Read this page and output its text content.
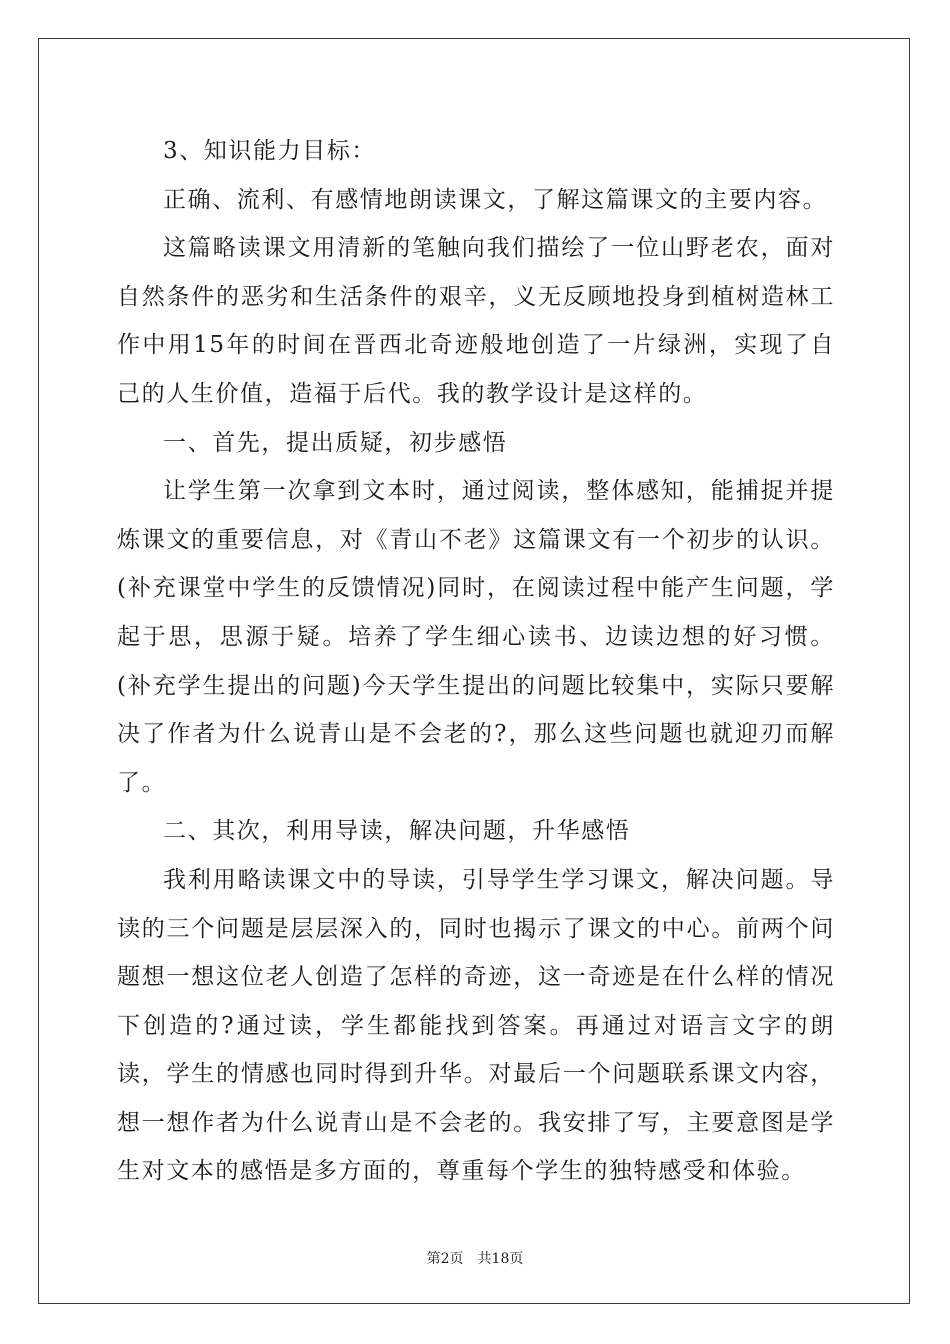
3、知识能力目标：

正确、流利、有感情地朗读课文，了解这篇课文的主要内容。

这篇略读课文用清新的笔触向我们描绘了一位山野老农，面对自然条件的恶劣和生活条件的艰辛，义无反顾地投身到植树造林工作中用15年的时间在晋西北奇迹般地创造了一片绿洲，实现了自己的人生价值，造福于后代。我的教学设计是这样的。

一、首先，提出质疑，初步感悟

让学生第一次拿到文本时，通过阅读，整体感知，能捕捉并提炼课文的重要信息，对《青山不老》这篇课文有一个初步的认识。(补充课堂中学生的反馈情况)同时，在阅读过程中能产生问题，学起于思，思源于疑。培养了学生细心读书、边读边想的好习惯。(补充学生提出的问题)今天学生提出的问题比较集中，实际只要解决了作者为什么说青山是不会老的?，那么这些问题也就迎刃而解了。

二、其次，利用导读，解决问题，升华感悟

我利用略读课文中的导读，引导学生学习课文，解决问题。导读的三个问题是层层深入的，同时也揭示了课文的中心。前两个问题想一想这位老人创造了怎样的奇迹，这一奇迹是在什么样的情况下创造的?通过读，学生都能找到答案。再通过对语言文字的朗读，学生的情感也同时得到升华。对最后一个问题联系课文内容，想一想作者为什么说青山是不会老的。我安排了写，主要意图是学生对文本的感悟是多方面的，尊重每个学生的独特感受和体验。

第2页 共18页
